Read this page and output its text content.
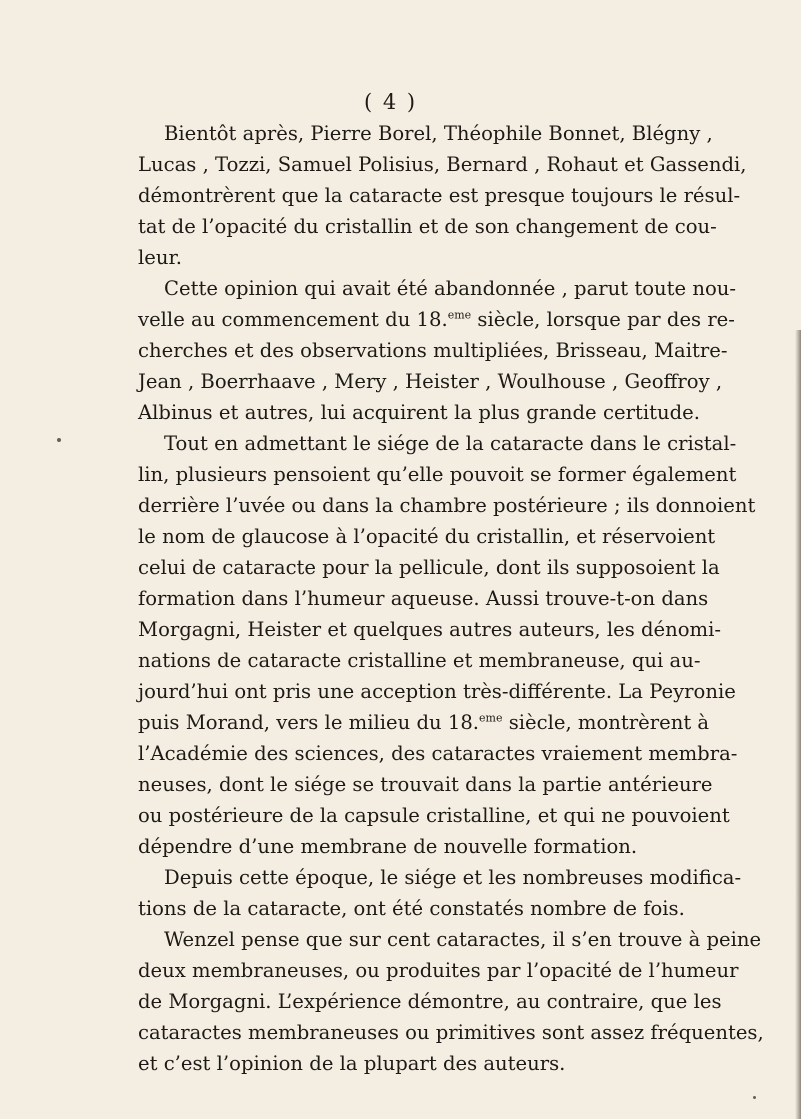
( 4 )
Bientôt après, Pierre Borel, Théophile Bonnet, Blégny ,
Lucas , Tozzi, Samuel Polisius, Bernard , Rohaut et Gassendi,
démontrèrent que la cataracte est presque toujours le résul-
tat de l’opacité du cristallin et de son changement de cou-
leur.
Cette opinion qui avait été abandonnée , parut toute nou-
velle au commencement du 18.$^{eme}$ siècle, lorsque par des re-
cherches et des observations multipliées, Brisseau, Maitre-
Jean , Boerrhaave , Mery , Heister , Woulhouse , Geoffroy ,
Albinus et autres, lui acquirent la plus grande certitude.
Tout en admettant le siége de la cataracte dans le cristal-
lin, plusieurs pensoient qu’elle pouvoit se former également
derrière l’uvée ou dans la chambre postérieure ; ils donnoient
le nom de glaucose à l’opacité du cristallin, et réservoient
celui de cataracte pour la pellicule, dont ils supposoient la
formation dans l’humeur aqueuse. Aussi trouve-t-on dans
Morgagni, Heister et quelques autres auteurs, les dénomi-
nations de cataracte cristalline et membraneuse, qui au-
jourd’hui ont pris une acception très-différente. La Peyronie
puis Morand, vers le milieu du 18.$^{eme}$ siècle, montrèrent à
l’Académie des sciences, des cataractes vraiement membra-
neuses, dont le siége se trouvait dans la partie antérieure
ou postérieure de la capsule cristalline, et qui ne pouvoient
dépendre d’une membrane de nouvelle formation.
Depuis cette époque, le siége et les nombreuses modifica-
tions de la cataracte, ont été constatés nombre de fois.
Wenzel pense que sur cent cataractes, il s’en trouve à peine
deux membraneuses, ou produites par l’opacité de l’humeur
de Morgagni. L’expérience démontre, au contraire, que les
cataractes membraneuses ou primitives sont assez fréquentes,
et c’est l’opinion de la plupart des auteurs.
